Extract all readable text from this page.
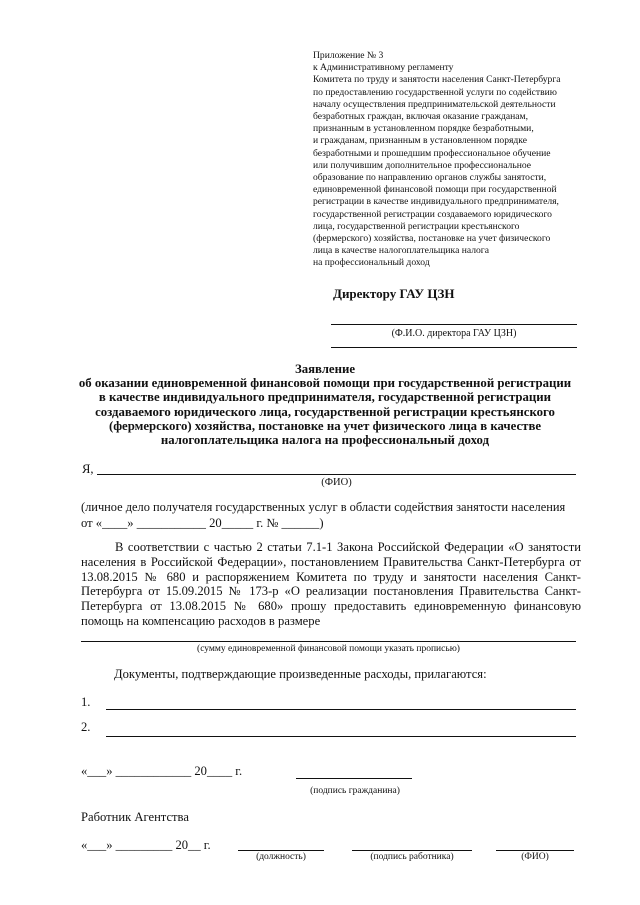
Приложение № 3
к Административному регламенту
Комитета по труду и занятости населения Санкт-Петербурга
по предоставлению государственной услуги по содействию
началу осуществления предпринимательской деятельности
безработных граждан, включая оказание гражданам,
признанным в установленном порядке безработными,
и гражданам, признанным в установленном порядке
безработными и прошедшим профессиональное обучение
или получившим дополнительное профессиональное
образование по направлению органов службы занятости,
единовременной финансовой помощи при государственной
регистрации в качестве индивидуального предпринимателя,
государственной регистрации создаваемого юридического
лица, государственной регистрации крестьянского
(фермерского) хозяйства, постановке на учет физического
лица в качестве налогоплательщика налога
на профессиональный доход
Директору ГАУ ЦЗН
(Ф.И.О. директора ГАУ ЦЗН)
Заявление
об оказании единовременной финансовой помощи при государственной регистрации
в качестве индивидуального предпринимателя, государственной регистрации
создаваемого юридического лица, государственной регистрации крестьянского
(фермерского) хозяйства, постановке на учет физического лица в качестве
налогоплательщика налога на профессиональный доход
Я,
(ФИО)
(личное дело получателя государственных услуг в области содействия занятости населения
от «____» ___________ 20_____ г. № ______)
В соответствии с частью 2 статьи 7.1-1 Закона Российской Федерации «О занятости населения в Российской Федерации», постановлением Правительства Санкт-Петербурга от 13.08.2015 № 680 и распоряжением Комитета по труду и занятости населения Санкт-Петербурга от 15.09.2015 № 173-р «О реализации постановления Правительства Санкт-Петербурга от 13.08.2015 № 680» прошу предоставить единовременную финансовую помощь на компенсацию расходов в размере
(сумму единовременной финансовой помощи указать прописью)
Документы, подтверждающие произведенные расходы, прилагаются:
1.
2.
«___» ____________ 20____ г.
(подпись гражданина)
Работник Агентства
«___» _________ 20__ г.
(должность)	(подпись работника)	(ФИО)
